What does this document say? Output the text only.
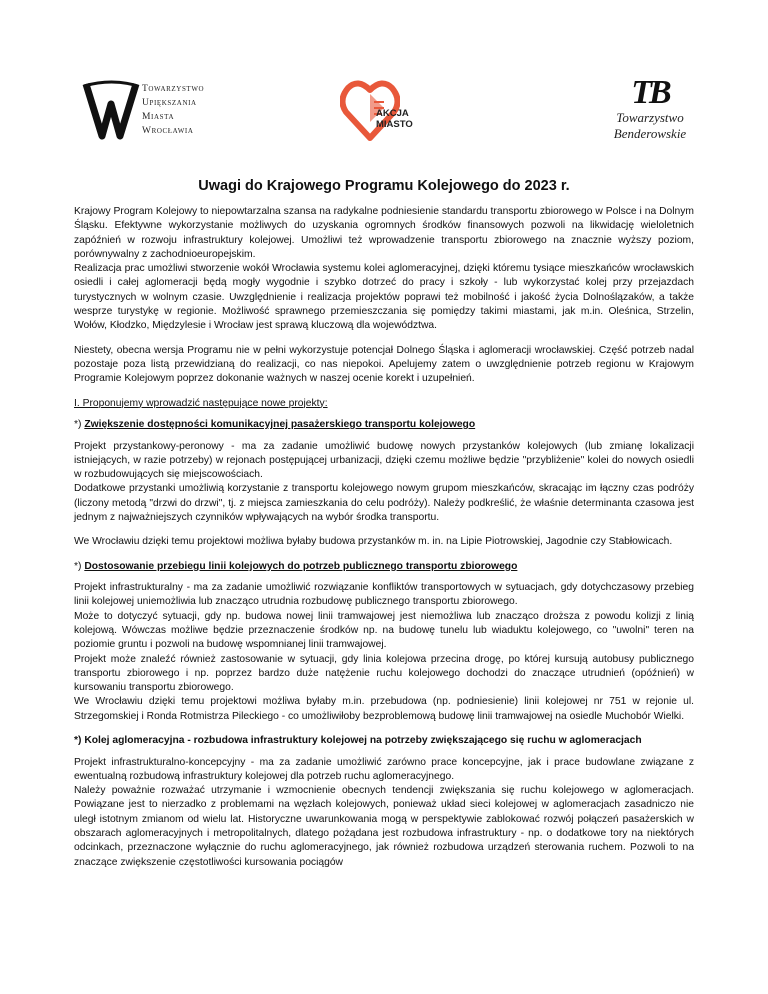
Towarzystwo
Upiększania
Miasta
Wrocławia
AKCJA
MIASTO
TB
Towarzystwo
Benderowskie
Uwagi do Krajowego Programu Kolejowego do 2023 r.

Krajowy Program Kolejowy to niepowtarzalna szansa na radykalne podniesienie standardu transportu zbiorowego w Polsce i na Dolnym Śląsku. Efektywne wykorzystanie możliwych do uzyskania ogromnych środków finansowych pozwoli na likwidację wieloletnich zapóźnień w rozwoju infrastruktury kolejowej. Umożliwi też wprowadzenie transportu zbiorowego na znacznie wyższy poziom, porównywalny z zachodnioeuropejskim.

Realizacja prac umożliwi stworzenie wokół Wrocławia systemu kolei aglomeracyjnej, dzięki któremu tysiące mieszkańców wrocławskich osiedli i całej aglomeracji będą mogły wygodnie i szybko dotrzeć do pracy i szkoły - lub wykorzystać kolej przy przejazdach turystycznych w wolnym czasie. Uwzględnienie i realizacja projektów poprawi też mobilność i jakość życia Dolnoślązaków, a także wesprze turystykę w regionie. Możliwość sprawnego przemieszczania się pomiędzy takimi miastami, jak m.in. Oleśnica, Strzelin, Wołów, Kłodzko, Międzylesie i Wrocław jest sprawą kluczową dla województwa.

Niestety, obecna wersja Programu nie w pełni wykorzystuje potencjał Dolnego Śląska i aglomeracji wrocławskiej. Część potrzeb nadal pozostaje poza listą przewidzianą do realizacji, co nas niepokoi. Apelujemy zatem o uwzględnienie potrzeb regionu w Krajowym Programie Kolejowym poprzez dokonanie ważnych w naszej ocenie korekt i uzupełnień.

I. Proponujemy wprowadzić następujące nowe projekty:

*) Zwiększenie dostępności komunikacyjnej pasażerskiego transportu kolejowego

Projekt przystankowy-peronowy - ma za zadanie umożliwić budowę nowych przystanków kolejowych (lub zmianę lokalizacji istniejących, w razie potrzeby) w rejonach postępującej urbanizacji, dzięki czemu możliwe będzie "przybliżenie" kolei do nowych osiedli w rozbudowujących się miejscowościach.

Dodatkowe przystanki umożliwią korzystanie z transportu kolejowego nowym grupom mieszkańców, skracając im łączny czas podróży (liczony metodą "drzwi do drzwi", tj. z miejsca zamieszkania do celu podróży). Należy podkreślić, że właśnie determinanta czasowa jest jednym z najważniejszych czynników wpływających na wybór środka transportu.

We Wrocławiu dzięki temu projektowi możliwa byłaby budowa przystanków m. in. na Lipie Piotrowskiej, Jagodnie czy Stabłowicach.

*) Dostosowanie przebiegu linii kolejowych do potrzeb publicznego transportu zbiorowego

Projekt infrastrukturalny - ma za zadanie umożliwić rozwiązanie konfliktów transportowych w sytuacjach, gdy dotychczasowy przebieg linii kolejowej uniemożliwia lub znacząco utrudnia rozbudowę publicznego transportu zbiorowego.

Może to dotyczyć sytuacji, gdy np. budowa nowej linii tramwajowej jest niemożliwa lub znacząco droższa z powodu kolizji z linią kolejową. Wówczas możliwe będzie przeznaczenie środków np. na budowę tunelu lub wiaduktu kolejowego, co "uwolni" teren na poziomie gruntu i pozwoli na budowę wspomnianej linii tramwajowej.

Projekt może znaleźć również zastosowanie w sytuacji, gdy linia kolejowa przecina drogę, po której kursują autobusy publicznego transportu zbiorowego i np. poprzez bardzo duże natężenie ruchu kolejowego dochodzi do znaczące utrudnień (opóźnień) w kursowaniu transportu zbiorowego.

We Wrocławiu dzięki temu projektowi możliwa byłaby m.in. przebudowa (np. podniesienie) linii kolejowej nr 751 w rejonie ul. Strzegomskiej i Ronda Rotmistrza Pileckiego - co umożliwiłoby bezproblemową budowę linii tramwajowej na osiedle Muchobór Wielki.

*) Kolej aglomeracyjna - rozbudowa infrastruktury kolejowej na potrzeby zwiększającego się ruchu w aglomeracjach

Projekt infrastrukturalno-koncepcyjny - ma za zadanie umożliwić zarówno prace koncepcyjne, jak i prace budowlane związane z ewentualną rozbudową infrastruktury kolejowej dla potrzeb ruchu aglomeracyjnego.

Należy poważnie rozważać utrzymanie i wzmocnienie obecnych tendencji zwiększania się ruchu kolejowego w aglomeracjach. Powiązane jest to nierzadko z problemami na węzłach kolejowych, ponieważ układ sieci kolejowej w aglomeracjach zasadniczo nie uległ istotnym zmianom od wielu lat. Historyczne uwarunkowania mogą w perspektywie zablokować rozwój połączeń pasażerskich w obszarach aglomeracyjnych i metropolitalnych, dlatego pożądana jest rozbudowa infrastruktury - np. o dodatkowe tory na niektórych odcinkach, przeznaczone wyłącznie do ruchu aglomeracyjnego, jak również rozbudowa urządzeń sterowania ruchem. Pozwoli to na znaczące zwiększenie częstotliwości kursowania pociągów
